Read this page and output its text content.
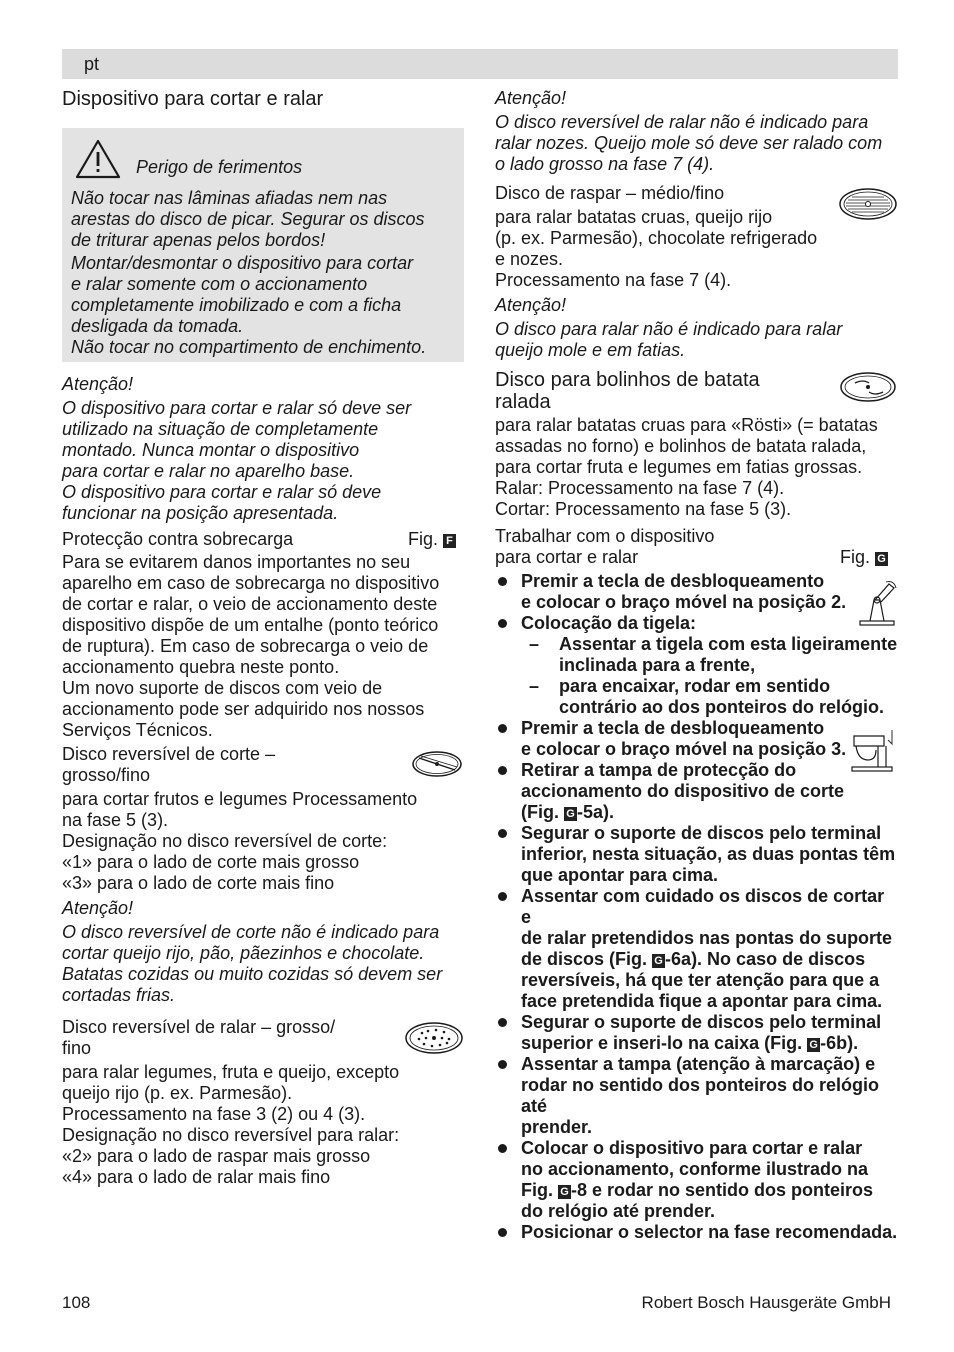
pt
Dispositivo para cortar e ralar
Perigo de ferimentos
Não tocar nas lâminas afiadas nem nas
arestas do disco de picar. Segurar os discos
de triturar apenas pelos bordos!
Montar/desmontar o dispositivo para cortar
e ralar somente com o accionamento
completamente imobilizado e com a ficha
desligada da tomada.
Não tocar no compartimento de enchimento.
Atenção!
O dispositivo para cortar e ralar só deve ser
utilizado na situação de completamente
montado. Nunca montar o dispositivo
para cortar e ralar no aparelho base.
O dispositivo para cortar e ralar só deve
funcionar na posição apresentada.
Protecção contra sobrecarga	Fig. F
Para se evitarem danos importantes no seu
aparelho em caso de sobrecarga no dispositivo
de cortar e ralar, o veio de accionamento deste
dispositivo dispõe de um entalhe (ponto teórico
de ruptura). Em caso de sobrecarga o veio de
accionamento quebra neste ponto.
Um novo suporte de discos com veio de
accionamento pode ser adquirido nos nossos
Serviços Técnicos.
Disco reversível de corte –
grosso/fino
para cortar frutos e legumes Processamento
na fase 5 (3).
Designação no disco reversível de corte:
«1» para o lado de corte mais grosso
«3» para o lado de corte mais fino
Atenção!
O disco reversível de corte não é indicado para
cortar queijo rijo, pão, pãezinhos e chocolate.
Batatas cozidas ou muito cozidas só devem ser
cortadas frias.
Disco reversível de ralar – grosso/
fino
para ralar legumes, fruta e queijo, excepto
queijo rijo (p. ex. Parmesão).
Processamento na fase 3 (2) ou 4 (3).
Designação no disco reversível para ralar:
«2» para o lado de raspar mais grosso
«4» para o lado de ralar mais fino
Atenção!
O disco reversível de ralar não é indicado para
ralar nozes. Queijo mole só deve ser ralado com
o lado grosso na fase 7 (4).
Disco de raspar – médio/fino
para ralar batatas cruas, queijo rijo
(p. ex. Parmesão), chocolate refrigerado
e nozes.
Processamento na fase 7 (4).
Atenção!
O disco para ralar não é indicado para ralar
queijo mole e em fatias.
Disco para bolinhos de batata
ralada
para ralar batatas cruas para «Rösti» (= batatas
assadas no forno) e bolinhos de batata ralada,
para cortar fruta e legumes em fatias grossas.
Ralar: Processamento na fase 7 (4).
Cortar: Processamento na fase 5 (3).
Trabalhar com o dispositivo
para cortar e ralar	Fig. G
Premir a tecla de desbloqueamento
e colocar o braço móvel na posição 2.
Colocação da tigela:
– Assentar a tigela com esta ligeiramente
inclinada para a frente,
– para encaixar, rodar em sentido
contrário ao dos ponteiros do relógio.
Premir a tecla de desbloqueamento
e colocar o braço móvel na posição 3.
Retirar a tampa de protecção do
accionamento do dispositivo de corte
(Fig. G -5a).
Segurar o suporte de discos pelo terminal
inferior, nesta situação, as duas pontas têm
que apontar para cima.
Assentar com cuidado os discos de cortar e
de ralar pretendidos nas pontas do suporte
de discos (Fig. G -6a). No caso de discos
reversíveis, há que ter atenção para que a
face pretendida fique a apontar para cima.
Segurar o suporte de discos pelo terminal
superior e inseri-lo na caixa (Fig. G -6b).
Assentar a tampa (atenção à marcação) e
rodar no sentido dos ponteiros do relógio até
prender.
Colocar o dispositivo para cortar e ralar
no accionamento, conforme ilustrado na
Fig. G -8 e rodar no sentido dos ponteiros
do relógio até prender.
Posicionar o selector na fase recomendada.
108	Robert Bosch Hausgeräte GmbH
